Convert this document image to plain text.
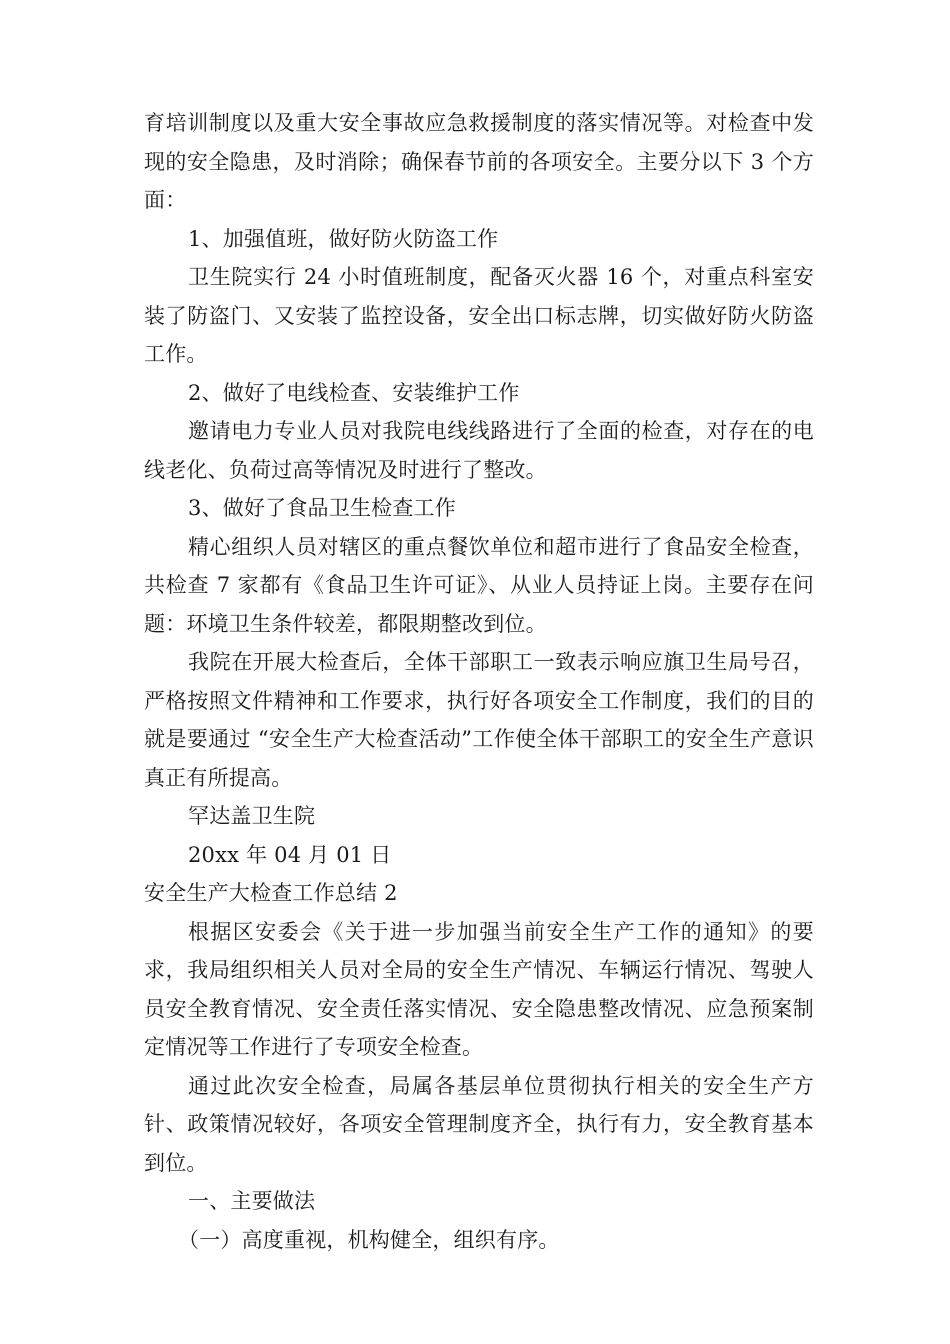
育培训制度以及重大安全事故应急救援制度的落实情况等。对检查中发现的安全隐患，及时消除；确保春节前的各项安全。主要分以下 3 个方面：

1、加强值班，做好防火防盗工作

卫生院实行 24 小时值班制度，配备灭火器 16 个，对重点科室安装了防盗门、又安装了监控设备，安全出口标志牌，切实做好防火防盗工作。

2、做好了电线检查、安装维护工作

邀请电力专业人员对我院电线线路进行了全面的检查，对存在的电线老化、负荷过高等情况及时进行了整改。

3、做好了食品卫生检查工作

精心组织人员对辖区的重点餐饮单位和超市进行了食品安全检查，共检查 7 家都有《食品卫生许可证》、从业人员持证上岗。主要存在问题：环境卫生条件较差，都限期整改到位。

我院在开展大检查后，全体干部职工一致表示响应旗卫生局号召，严格按照文件精神和工作要求，执行好各项安全工作制度，我们的目的就是要通过 “安全生产大检查活动”工作使全体干部职工的安全生产意识真正有所提高。

罕达盖卫生院

20xx 年 04 月 01 日

安全生产大检查工作总结 2

根据区安委会《关于进一步加强当前安全生产工作的通知》的要求，我局组织相关人员对全局的安全生产情况、车辆运行情况、驾驶人员安全教育情况、安全责任落实情况、安全隐患整改情况、应急预案制定情况等工作进行了专项安全检查。

通过此次安全检查，局属各基层单位贯彻执行相关的安全生产方针、政策情况较好，各项安全管理制度齐全，执行有力，安全教育基本到位。

一、主要做法

（一）高度重视，机构健全，组织有序。
